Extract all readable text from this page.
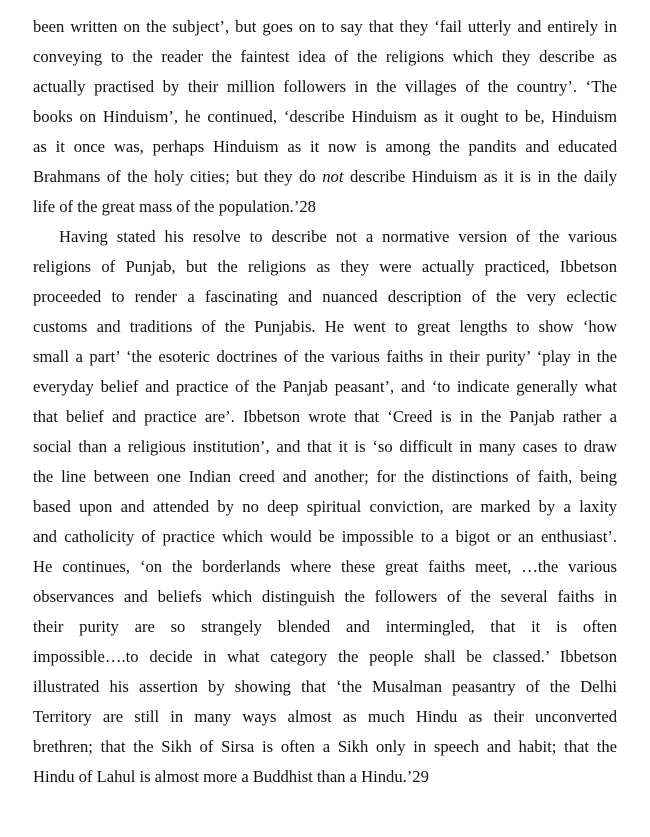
been written on the subject’, but goes on to say that they ‘fail utterly and entirely in
conveying to the reader the faintest idea of the religions which they describe as
actually practised by their million followers in the villages of the country’. ‘The
books on Hinduism’, he continued, ‘describe Hinduism as it ought to be, Hinduism
as it once was, perhaps Hinduism as it now is among the pandits and educated
Brahmans of the holy cities; but they do not describe Hinduism as it is in the daily
life of the great mass of the population.’28
Having stated his resolve to describe not a normative version of the various
religions of Punjab, but the religions as they were actually practiced, Ibbetson
proceeded to render a fascinating and nuanced description of the very eclectic
customs and traditions of the Punjabis. He went to great lengths to show ‘how
small a part’ ‘the esoteric doctrines of the various faiths in their purity’ ‘play in the
everyday belief and practice of the Panjab peasant’, and ‘to indicate generally what
that belief and practice are’. Ibbetson wrote that ‘Creed is in the Panjab rather a
social than a religious institution’, and that it is ‘so difficult in many cases to draw
the line between one Indian creed and another; for the distinctions of faith, being
based upon and attended by no deep spiritual conviction, are marked by a laxity
and catholicity of practice which would be impossible to a bigot or an enthusiast’.
He continues, ‘on the borderlands where these great faiths meet, …the various
observances and beliefs which distinguish the followers of the several faiths in
their purity are so strangely blended and intermingled, that it is often
impossible….to decide in what category the people shall be classed.’ Ibbetson
illustrated his assertion by showing that ‘the Musalman peasantry of the Delhi
Territory are still in many ways almost as much Hindu as their unconverted
brethren; that the Sikh of Sirsa is often a Sikh only in speech and habit; that the
Hindu of Lahul is almost more a Buddhist than a Hindu.’29
